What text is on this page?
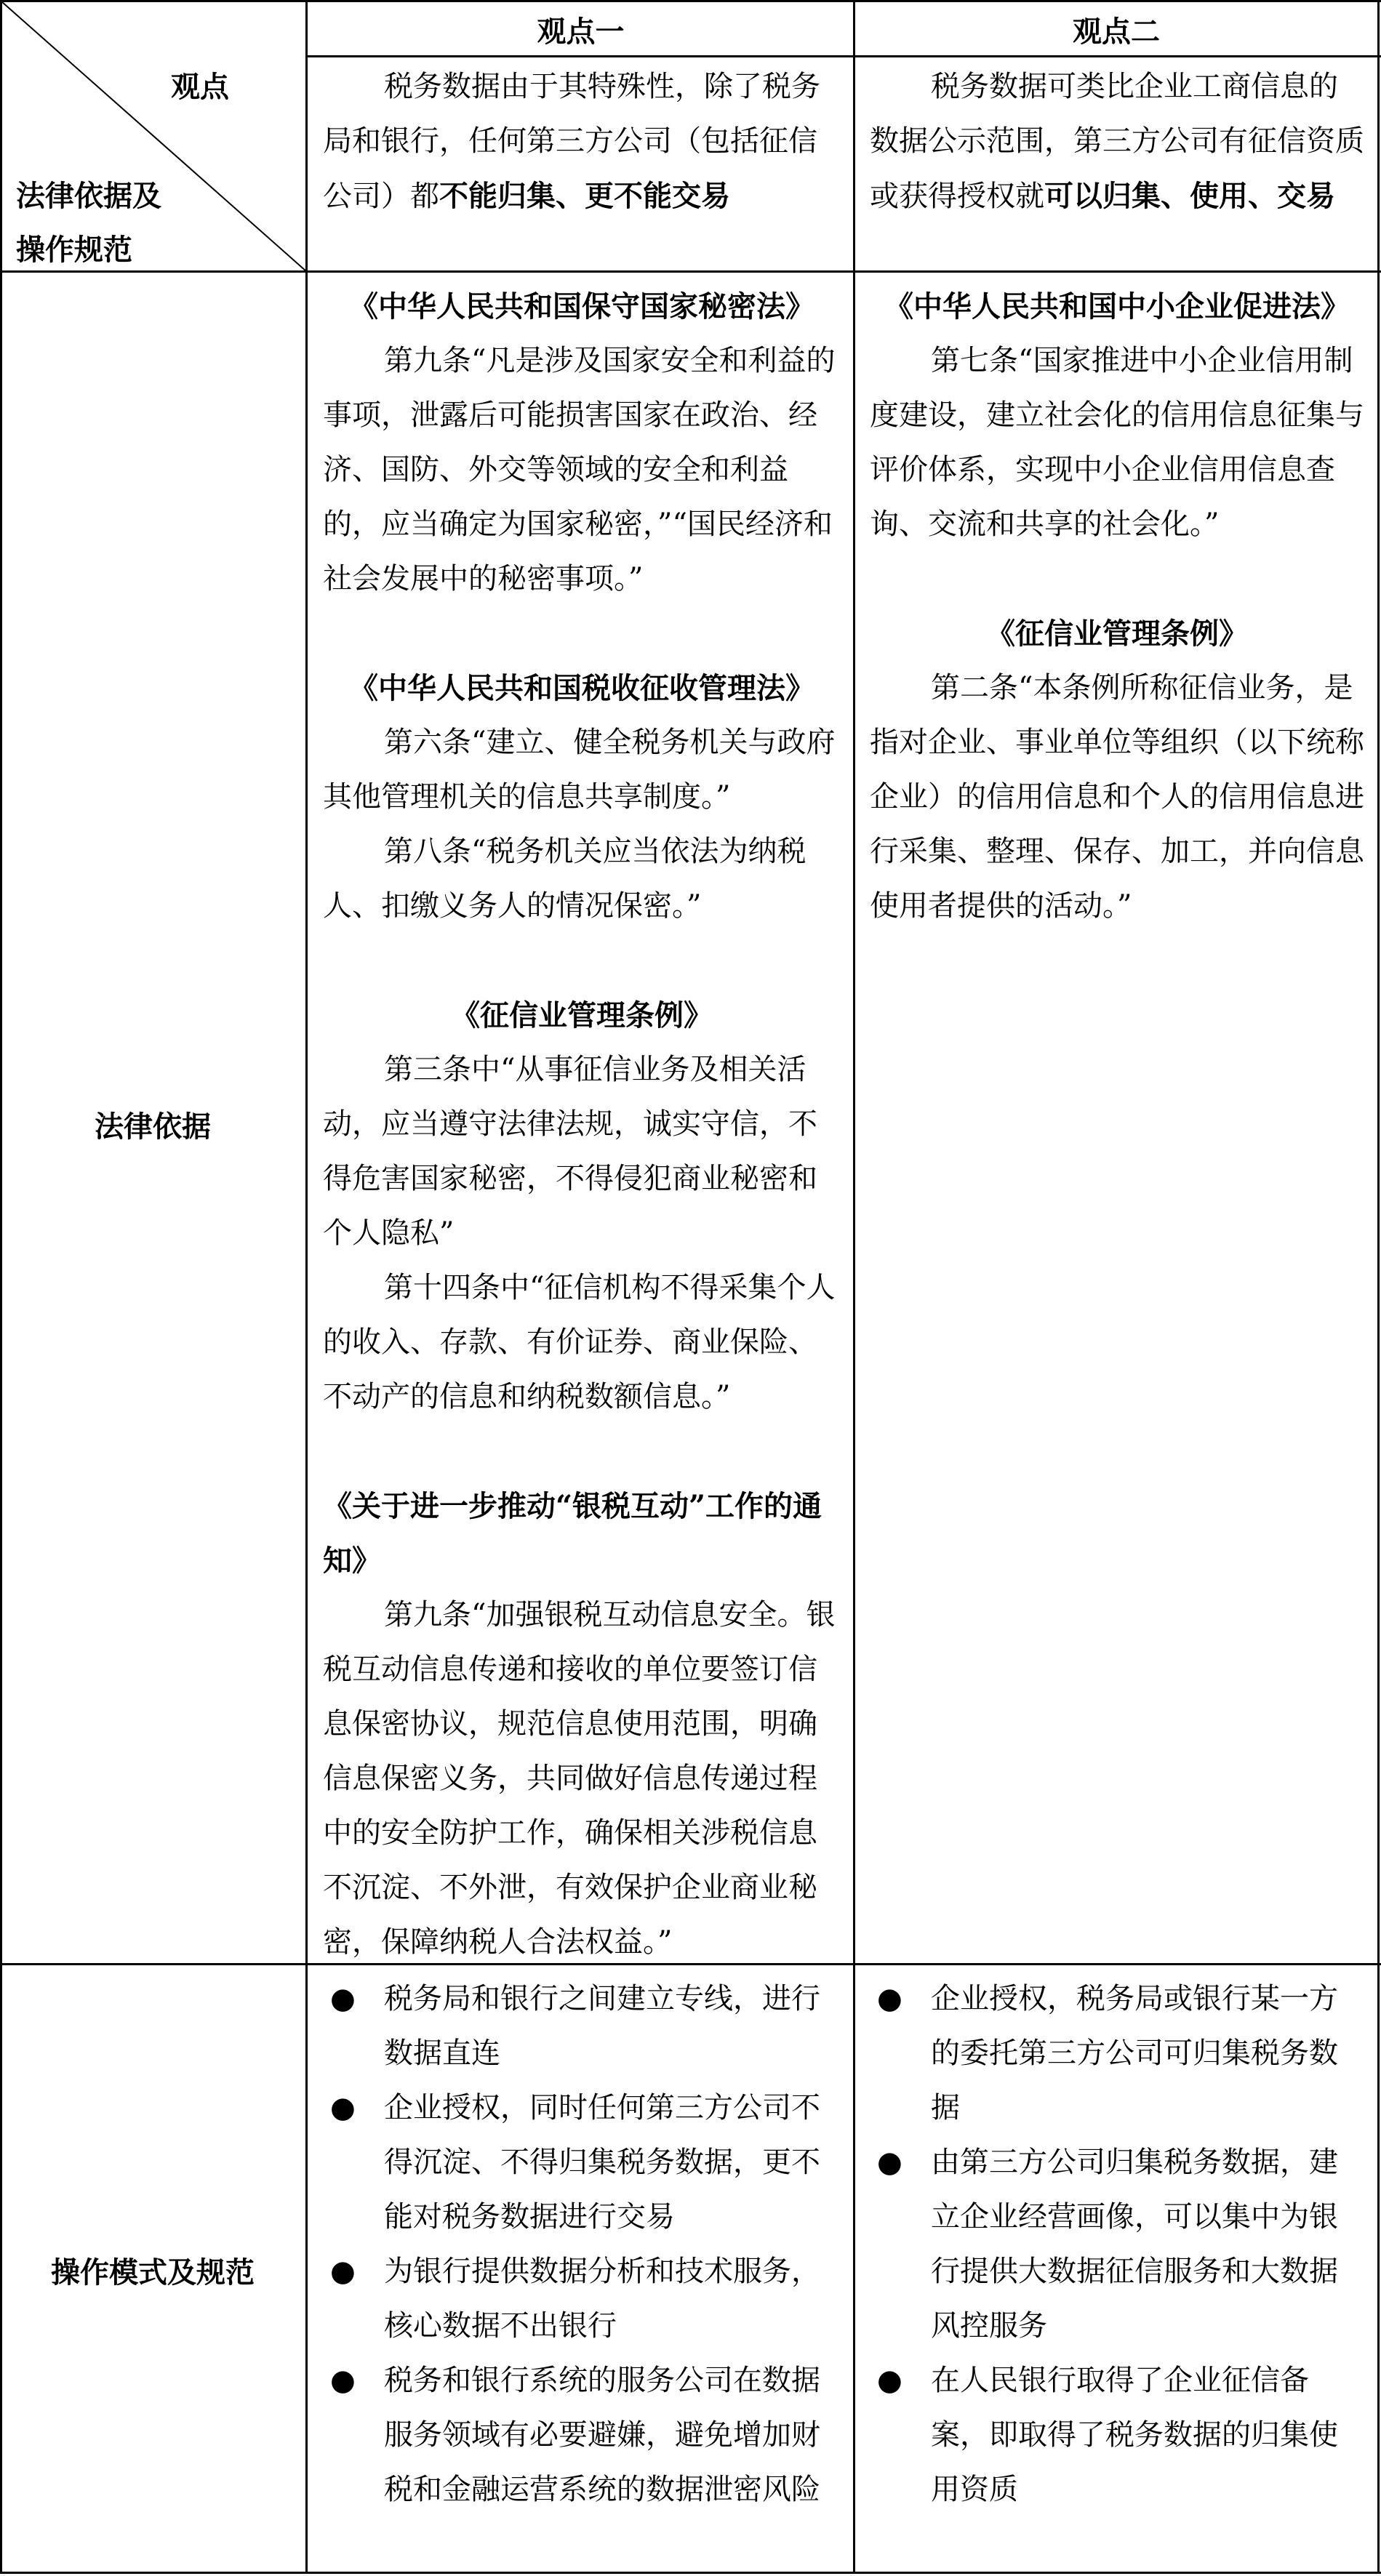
观点一	观点二
观点
法律依据及
操作规范

税务数据由于其特殊性，除了税务局和银行，任何第三方公司（包括征信公司）都不能归集、更不能交易

税务数据可类比企业工商信息的数据公示范围，第三方公司有征信资质或获得授权就可以归集、使用、交易

法律依据

《中华人民共和国保守国家秘密法》

第九条“凡是涉及国家安全和利益的事项，泄露后可能损害国家在政治、经济、国防、外交等领域的安全和利益的，应当确定为国家秘密，”“国民经济和社会发展中的秘密事项。”

《中华人民共和国税收征收管理法》

第六条“建立、健全税务机关与政府其他管理机关的信息共享制度。”

第八条“税务机关应当依法为纳税人、扣缴义务人的情况保密。”

《征信业管理条例》

第三条中“从事征信业务及相关活动，应当遵守法律法规，诚实守信，不得危害国家秘密，不得侵犯商业秘密和个人隐私”

第十四条中“征信机构不得采集个人的收入、存款、有价证券、商业保险、不动产的信息和纳税数额信息。”

《关于进一步推动“银税互动”工作的通知》

第九条“加强银税互动信息安全。银税互动信息传递和接收的单位要签订信息保密协议，规范信息使用范围，明确信息保密义务，共同做好信息传递过程中的安全防护工作，确保相关涉税信息不沉淀、不外泄，有效保护企业商业秘密，保障纳税人合法权益。”

《中华人民共和国中小企业促进法》

第七条“国家推进中小企业信用制度建设，建立社会化的信用信息征集与评价体系，实现中小企业信用信息查询、交流和共享的社会化。”

《征信业管理条例》

第二条“本条例所称征信业务，是指对企业、事业单位等组织（以下统称企业）的信用信息和个人的信用信息进行采集、整理、保存、加工，并向信息使用者提供的活动。”

操作模式及规范
● 税务局和银行之间建立专线，进行数据直连
● 企业授权，同时任何第三方公司不得沉淀、不得归集税务数据，更不能对税务数据进行交易
● 为银行提供数据分析和技术服务，核心数据不出银行
● 税务和银行系统的服务公司在数据服务领域有必要避嫌，避免增加财税和金融运营系统的数据泄密风险
● 企业授权，税务局或银行某一方的委托第三方公司可归集税务数据
● 由第三方公司归集税务数据，建立企业经营画像，可以集中为银行提供大数据征信服务和大数据风控服务
● 在人民银行取得了企业征信备案，即取得了税务数据的归集使用资质
